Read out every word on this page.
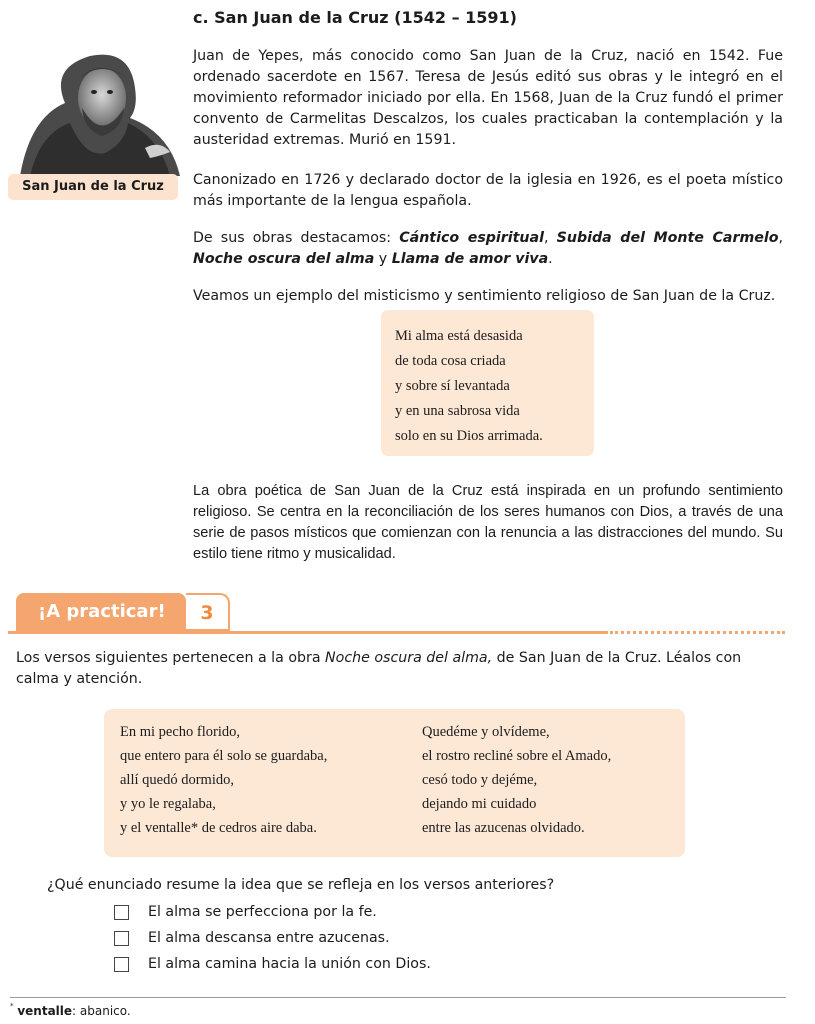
c. San Juan de la Cruz (1542 – 1591)
San Juan de la Cruz
Juan de Yepes, más conocido como San Juan de la Cruz, nació en 1542. Fue ordenado sacerdote en 1567. Teresa de Jesús editó sus obras y le integró en el movimiento reformador iniciado por ella. En 1568, Juan de la Cruz fundó el primer convento de Carmelitas Descalzos, los cuales practicaban la contemplación y la austeridad extremas. Murió en 1591.
Canonizado en 1726 y declarado doctor de la iglesia en 1926, es el poeta místico más importante de la lengua española.
De sus obras destacamos: Cántico espiritual, Subida del Monte Carmelo, Noche oscura del alma y Llama de amor viva.
Veamos un ejemplo del misticismo y sentimiento religioso de San Juan de la Cruz.
Mi alma está desasida
de toda cosa criada
y sobre sí levantada
y en una sabrosa vida
solo en su Dios arrimada.
La obra poética de San Juan de la Cruz está inspirada en un profundo sentimiento religioso. Se centra en la reconciliación de los seres humanos con Dios, a través de una serie de pasos místicos que comienzan con la renuncia a las distracciones del mundo. Su estilo tiene ritmo y musicalidad.
¡A practicar!	3
Los versos siguientes pertenecen a la obra Noche oscura del alma, de San Juan de la Cruz. Léalos con calma y atención.
En mi pecho florido,
que entero para él solo se guardaba,
allí quedó dormido,
y yo le regalaba,
y el ventalle* de cedros aire daba.
Quedéme y olvídeme,
el rostro recliné sobre el Amado,
cesó todo y dejéme,
dejando mi cuidado
entre las azucenas olvidado.
¿Qué enunciado resume la idea que se refleja en los versos anteriores?
El alma se perfecciona por la fe.
El alma descansa entre azucenas.
El alma camina hacia la unión con Dios.
* ventalle: abanico.
